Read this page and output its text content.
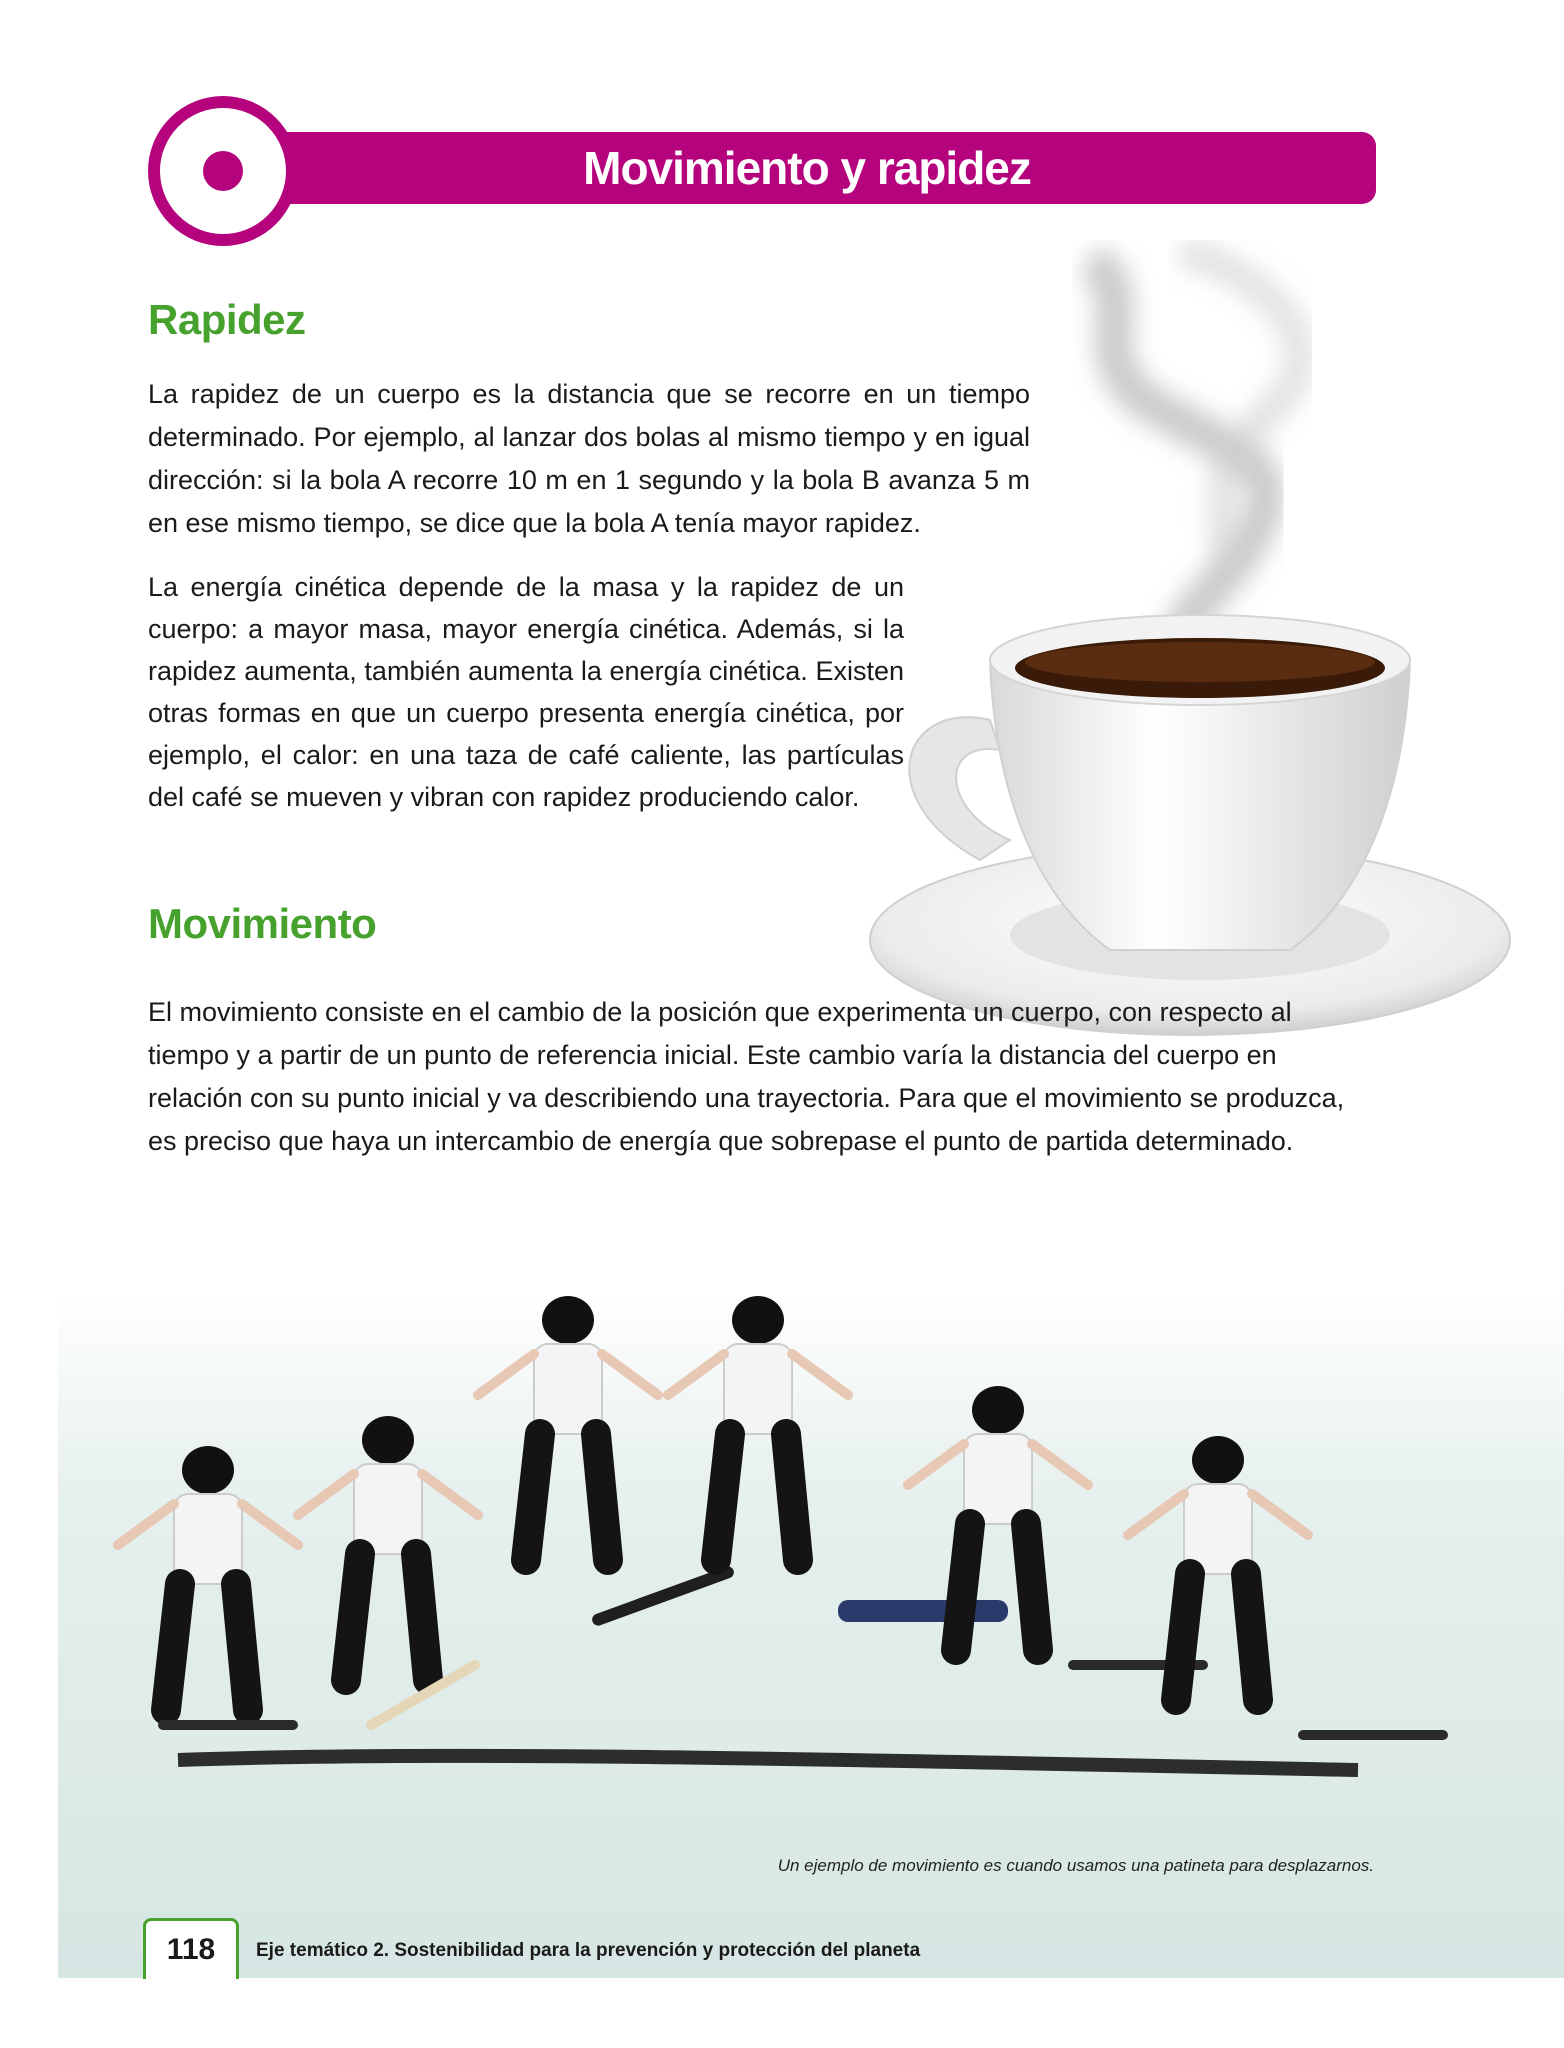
Movimiento y rapidez
Rapidez

La rapidez de un cuerpo es la distancia que se recorre en un tiempo determinado. Por ejemplo, al lanzar dos bolas al mismo tiempo y en igual dirección: si la bola A recorre 10 m en 1 segundo y la bola B avanza 5 m en ese mismo tiempo, se dice que la bola A tenía mayor rapidez.

La energía cinética depende de la masa y la rapidez de un cuerpo: a mayor masa, mayor energía cinética. Además, si la rapidez aumenta, también aumenta la energía cinética. Existen otras formas en que un cuerpo presenta energía cinética, por ejemplo, el calor: en una taza de café caliente, las partículas del café se mueven y vibran con rapidez produciendo calor.

Movimiento

El movimiento consiste en el cambio de la posición que experimenta un cuerpo, con respecto al tiempo y a partir de un punto de referencia inicial. Este cambio varía la distancia del cuerpo en relación con su punto inicial y va describiendo una trayectoria. Para que el movimiento se produzca, es preciso que haya un intercambio de energía que sobrepase el punto de partida determinado.

Un ejemplo de movimiento es cuando usamos una patineta para desplazarnos.
118	Eje temático 2. Sostenibilidad para la prevención y protección del planeta
